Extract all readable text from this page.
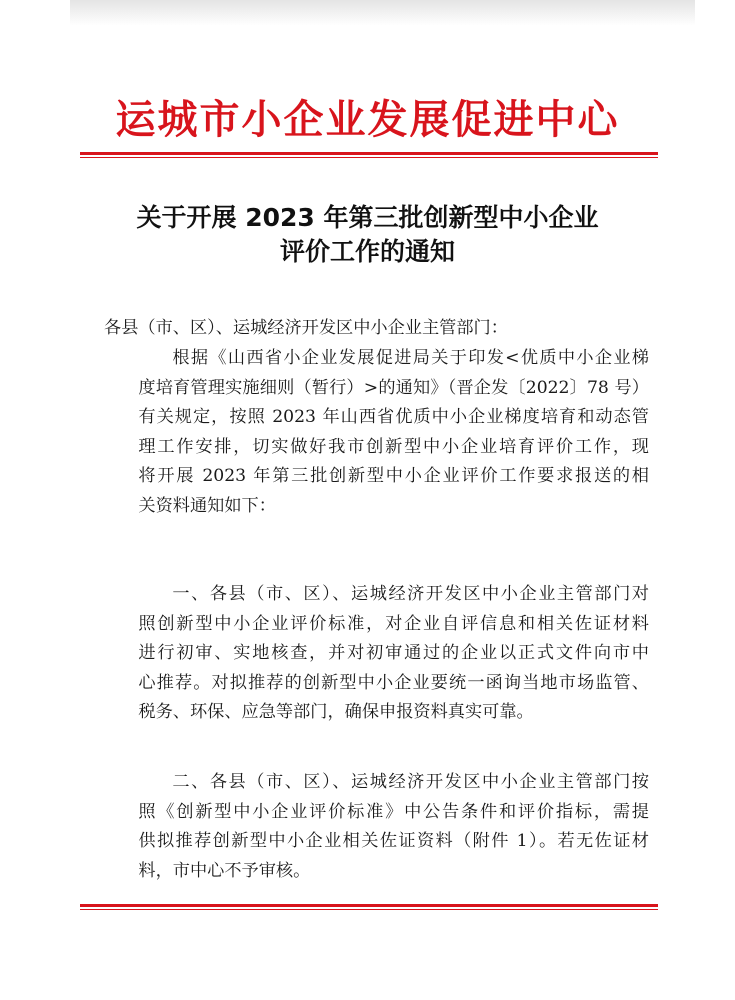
运城市小企业发展促进中心
关于开展 2023 年第三批创新型中小企业
评价工作的通知
各县（市、区）、运城经济开发区中小企业主管部门：
根据《山西省小企业发展促进局关于印发<优质中小企业梯
度培育管理实施细则（暂行）>的通知》（晋企发〔2022〕78 号）
有关规定，按照 2023 年山西省优质中小企业梯度培育和动态管
理工作安排，切实做好我市创新型中小企业培育评价工作，现
将开展 2023 年第三批创新型中小企业评价工作要求报送的相
关资料通知如下：
一、各县（市、区）、运城经济开发区中小企业主管部门对
照创新型中小企业评价标准，对企业自评信息和相关佐证材料
进行初审、实地核查，并对初审通过的企业以正式文件向市中
心推荐。对拟推荐的创新型中小企业要统一函询当地市场监管、
税务、环保、应急等部门，确保申报资料真实可靠。
二、各县（市、区）、运城经济开发区中小企业主管部门按
照《创新型中小企业评价标准》中公告条件和评价指标，需提
供拟推荐创新型中小企业相关佐证资料（附件 1）。若无佐证材
料，市中心不予审核。
